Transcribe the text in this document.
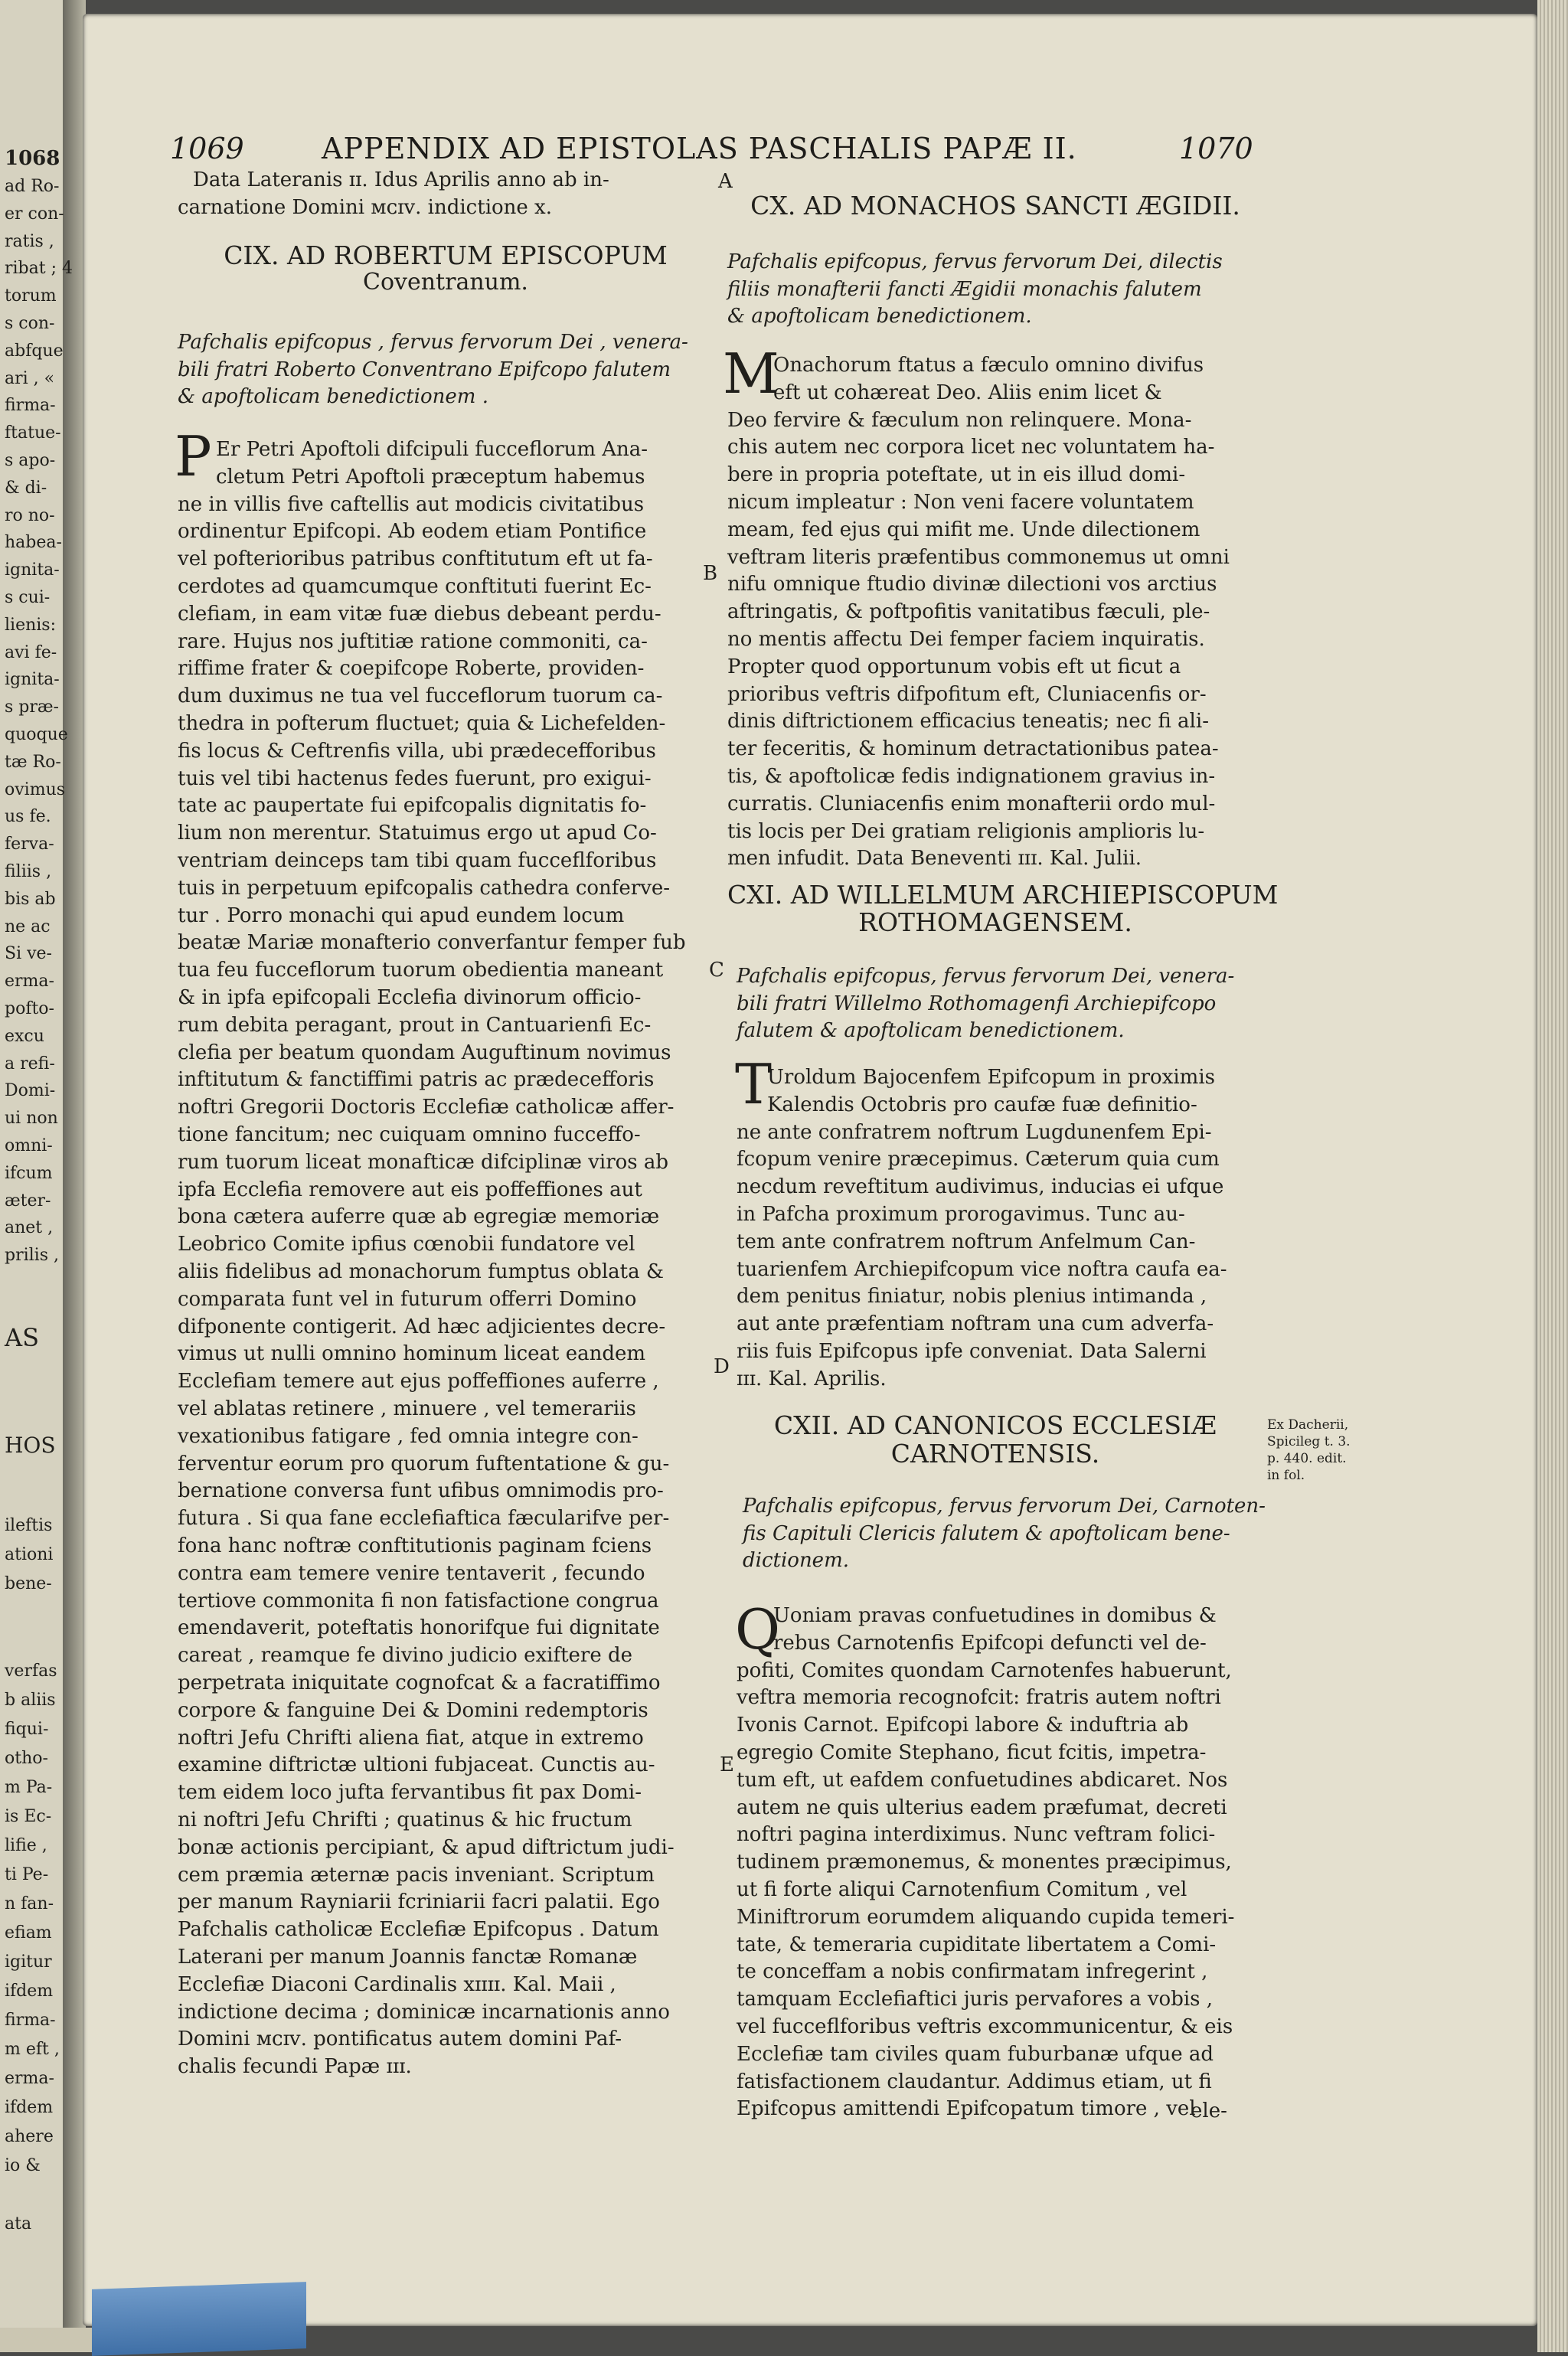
1068
ad Ro-
er con-
ratis ,
ribat ; 4
torum
s con-
abfque
ari , «
firma-
ftatue-
s apo-
& di-
ro no-
habea-
ignita-
s cui-
lienis:
avi fe-
ignita-
s præ-
quoque
tæ Ro-
ovimus
us fe.
ferva-
filiis ,
bis ab
ne ac
Si ve-
erma-
pofto-
excu
a refi-
Domi-
ui non
omni-
ifcum
æter-
anet ,
prilis ,
AS
HOS
ileftis
ationi
bene-
verfas
b aliis
fiqui-
otho-
m Pa-
is Ec-
lifie ,
ti Pe-
n fan-
efiam
igitur
ifdem
firma-
m eft ,
erma-
ifdem
ahere
io &
ata
1069	APPENDIX AD EPISTOLAS PASCHALIS PAPÆ II.	1070
Data Lateranis ɪɪ. Idus Aprilis anno ab in-
carnatione Domini ᴍᴄɪᴠ. indictione x.
CIX. AD ROBERTUM EPISCOPUM
Coventranum.
Pafchalis epifcopus , fervus fervorum Dei , venera-
bili fratri Roberto Conventrano Epifcopo falutem
& apoftolicam benedictionem .
P Er Petri Apoftoli difcipuli fucceflorum Ana-
cletum Petri Apoftoli præceptum habemus
ne in villis five caftellis aut modicis civitatibus
ordinentur Epifcopi. Ab eodem etiam Pontifice
vel pofterioribus patribus conftitutum eft ut fa-
cerdotes ad quamcumque conftituti fuerint Ec-
clefiam, in eam vitæ fuæ diebus debeant perdu-
rare. Hujus nos juftitiæ ratione commoniti, ca-
riffime frater & coepifcope Roberte, providen-
dum duximus ne tua vel fucceflorum tuorum ca-
thedra in pofterum fluctuet; quia & Lichefelden-
fis locus & Ceftrenfis villa, ubi prædecefforibus
tuis vel tibi hactenus fedes fuerunt, pro exigui-
tate ac paupertate fui epifcopalis dignitatis fo-
lium non merentur. Statuimus ergo ut apud Co-
ventriam deinceps tam tibi quam fucceflforibus
tuis in perpetuum epifcopalis cathedra conferve-
tur . Porro monachi qui apud eundem locum
beatæ Mariæ monafterio converfantur femper fub
tua feu fucceflorum tuorum obedientia maneant
& in ipfa epifcopali Ecclefia divinorum officio-
rum debita peragant, prout in Cantuarienfi Ec-
clefia per beatum quondam Auguftinum novimus
inftitutum & fanctiffimi patris ac prædecefforis
noftri Gregorii Doctoris Ecclefiæ catholicæ affer-
tione fancitum; nec cuiquam omnino fucceffo-
rum tuorum liceat monafticæ difciplinæ viros ab
ipfa Ecclefia removere aut eis poffeffiones aut
bona cætera auferre quæ ab egregiæ memoriæ
Leobrico Comite ipfius cœnobii fundatore vel
aliis fidelibus ad monachorum fumptus oblata &
comparata funt vel in futurum offerri Domino
difponente contigerit. Ad hæc adjicientes decre-
vimus ut nulli omnino hominum liceat eandem
Ecclefiam temere aut ejus poffeffiones auferre ,
vel ablatas retinere , minuere , vel temerariis
vexationibus fatigare , fed omnia integre con-
ferventur eorum pro quorum fuftentatione & gu-
bernatione conversa funt ufibus omnimodis pro-
futura . Si qua fane ecclefiaftica fæcularifve per-
fona hanc noftræ conftitutionis paginam fciens
contra eam temere venire tentaverit , fecundo
tertiove commonita fi non fatisfactione congrua
emendaverit, poteftatis honorifque fui dignitate
careat , reamque fe divino judicio exiftere de
perpetrata iniquitate cognofcat & a facratiffimo
corpore & fanguine Dei & Domini redemptoris
noftri Jefu Chrifti aliena fiat, atque in extremo
examine diftrictæ ultioni fubjaceat. Cunctis au-
tem eidem loco jufta fervantibus fit pax Domi-
ni noftri Jefu Chrifti ; quatinus & hic fructum
bonæ actionis percipiant, & apud diftrictum judi-
cem præmia æternæ pacis inveniant. Scriptum
per manum Rayniarii fcriniarii facri palatii. Ego
Pafchalis catholicæ Ecclefiæ Epifcopus . Datum
Laterani per manum Joannis fanctæ Romanæ
Ecclefiæ Diaconi Cardinalis xɪɪɪɪ. Kal. Maii ,
indictione decima ; dominicæ incarnationis anno
Domini ᴍᴄɪᴠ. pontificatus autem domini Paf-
chalis fecundi Papæ ɪɪɪ.
CX. AD MONACHOS SANCTI ÆGIDII.
Pafchalis epifcopus, fervus fervorum Dei, dilectis
filiis monafterii fancti Ægidii monachis falutem
& apoftolicam benedictionem.
M
Onachorum ftatus a fæculo omnino divifus
eft ut cohæreat Deo. Aliis enim licet &
Deo fervire & fæculum non relinquere. Mona-
chis autem nec corpora licet nec voluntatem ha-
bere in propria poteftate, ut in eis illud domi-
nicum impleatur : Non veni facere voluntatem
meam, fed ejus qui mifit me. Unde dilectionem
veftram literis præfentibus commonemus ut omni
nifu omnique ftudio divinæ dilectioni vos arctius
aftringatis, & poftpofitis vanitatibus fæculi, ple-
no mentis affectu Dei femper faciem inquiratis.
Propter quod opportunum vobis eft ut ficut a
prioribus veftris difpofitum eft, Cluniacenfis or-
dinis diftrictionem efficacius teneatis; nec fi ali-
ter feceritis, & hominum detractationibus patea-
tis, & apoftolicæ fedis indignationem gravius in-
curratis. Cluniacenfis enim monafterii ordo mul-
tis locis per Dei gratiam religionis amplioris lu-
men infudit. Data Beneventi ɪɪɪ. Kal. Julii.
CXI. AD WILLELMUM ARCHIEPISCOPUM
ROTHOMAGENSEM.
Pafchalis epifcopus, fervus fervorum Dei, venera-
bili fratri Willelmo Rothomagenfi Archiepifcopo
falutem & apoftolicam benedictionem.
T
Uroldum Bajocenfem Epifcopum in proximis
Kalendis Octobris pro caufæ fuæ definitio-
ne ante confratrem noftrum Lugdunenfem Epi-
fcopum venire præcepimus. Cæterum quia cum
necdum reveftitum audivimus, inducias ei ufque
in Pafcha proximum prorogavimus. Tunc au-
tem ante confratrem noftrum Anfelmum Can-
tuarienfem Archiepifcopum vice noftra caufa ea-
dem penitus finiatur, nobis plenius intimanda ,
aut ante præfentiam noftram una cum adverfa-
riis fuis Epifcopus ipfe conveniat. Data Salerni
ɪɪɪ. Kal. Aprilis.
CXII. AD CANONICOS ECCLESIÆ
CARNOTENSIS.
Pafchalis epifcopus, fervus fervorum Dei, Carnoten-
fis Capituli Clericis falutem & apoftolicam bene-
dictionem.
Q
Uoniam pravas confuetudines in domibus &
rebus Carnotenfis Epifcopi defuncti vel de-
pofiti, Comites quondam Carnotenfes habuerunt,
veftra memoria recognofcit: fratris autem noftri
Ivonis Carnot. Epifcopi labore & induftria ab
egregio Comite Stephano, ficut fcitis, impetra-
tum eft, ut eafdem confuetudines abdicaret. Nos
autem ne quis ulterius eadem præfumat, decreti
noftri pagina interdiximus. Nunc veftram folici-
tudinem præmonemus, & monentes præcipimus,
ut fi forte aliqui Carnotenfium Comitum , vel
Miniftrorum eorumdem aliquando cupida temeri-
tate, & temeraria cupiditate libertatem a Comi-
te conceffam a nobis confirmatam infregerint ,
tamquam Ecclefiaftici juris pervafores a vobis ,
vel fucceflforibus veftris excommunicentur, & eis
Ecclefiæ tam civiles quam fuburbanæ ufque ad
fatisfactionem claudantur. Addimus etiam, ut fi
Epifcopus amittendi Epifcopatum timore , vel
ele-
A
B
C
D
E
Ex Dacherii,
Spicileg t. 3.
p. 440. edit.
in fol.
